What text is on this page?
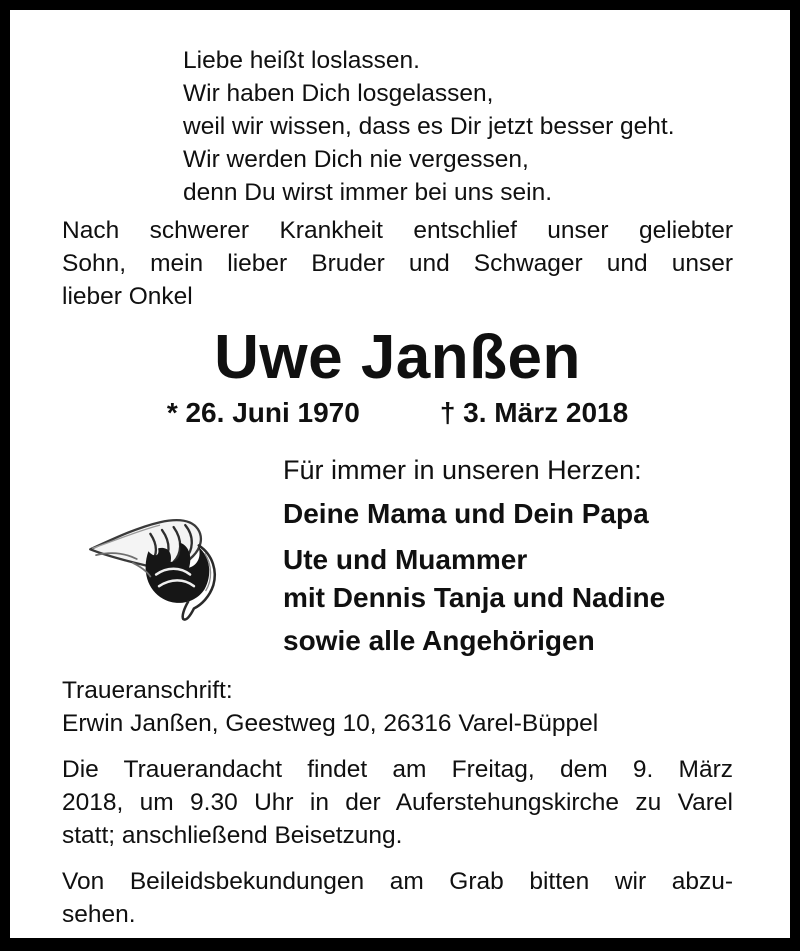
Liebe heißt loslassen.
Wir haben Dich losgelassen,
weil wir wissen, dass es Dir jetzt besser geht.
Wir werden Dich nie vergessen,
denn Du wirst immer bei uns sein.
Nach schwerer Krankheit entschlief unser geliebter
Sohn, mein lieber Bruder und Schwager und unser
lieber Onkel
Uwe Janßen
* 26. Juni 1970	† 3. März 2018
Für immer in unseren Herzen:
Deine Mama und Dein Papa
Ute und Muammer
mit Dennis Tanja und Nadine
sowie alle Angehörigen
Traueranschrift:
Erwin Janßen, Geestweg 10, 26316 Varel-Büppel
Die Trauerandacht findet am Freitag, dem 9. März
2018, um 9.30 Uhr in der Auferstehungskirche zu Varel
statt; anschließend Beisetzung.
Von Beileidsbekundungen am Grab bitten wir abzu-
sehen.
